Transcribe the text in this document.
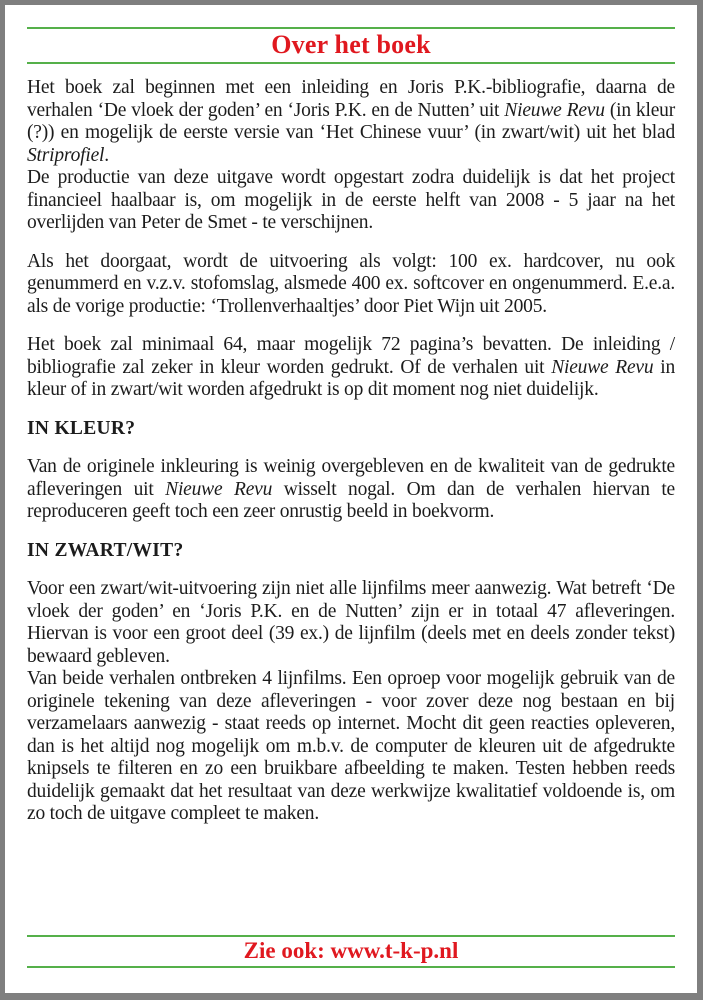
Over het boek

Het boek zal beginnen met een inleiding en Joris P.K.-bibliografie, daarna de verhalen ‘De vloek der goden’ en ‘Joris P.K. en de Nutten’ uit Nieuwe Revu (in kleur (?)) en mogelijk de eerste versie van ‘Het Chinese vuur’ (in zwart/wit) uit het blad Striprofiel.

De productie van deze uitgave wordt opgestart zodra duidelijk is dat het project financieel haalbaar is, om mogelijk in de eerste helft van 2008 - 5 jaar na het overlijden van Peter de Smet - te verschijnen.

Als het doorgaat, wordt de uitvoering als volgt: 100 ex. hardcover, nu ook genummerd en v.z.v. stofomslag, alsmede 400 ex. softcover en ongenummerd. E.e.a. als de vorige productie: ‘Trollenverhaaltjes’ door Piet Wijn uit 2005.

Het boek zal minimaal 64, maar mogelijk 72 pagina’s bevatten. De inleiding / bibliografie zal zeker in kleur worden gedrukt. Of de verhalen uit Nieuwe Revu in kleur of in zwart/wit worden afgedrukt is op dit moment nog niet duidelijk.

IN KLEUR?

Van de originele inkleuring is weinig overgebleven en de kwaliteit van de gedrukte afleveringen uit Nieuwe Revu wisselt nogal. Om dan de verhalen hiervan te reproduceren geeft toch een zeer onrustig beeld in boekvorm.

IN ZWART/WIT?

Voor een zwart/wit-uitvoering zijn niet alle lijnfilms meer aanwezig. Wat betreft ‘De vloek der goden’ en ‘Joris P.K. en de Nutten’ zijn er in totaal 47 afleveringen. Hiervan is voor een groot deel (39 ex.) de lijnfilm (deels met en deels zonder tekst) bewaard gebleven.

Van beide verhalen ontbreken 4 lijnfilms. Een oproep voor mogelijk gebruik van de originele tekening van deze afleveringen - voor zover deze nog bestaan en bij verzamelaars aanwezig - staat reeds op internet. Mocht dit geen reacties opleveren, dan is het altijd nog mogelijk om m.b.v. de computer de kleuren uit de afgedrukte knipsels te filteren en zo een bruikbare afbeelding te maken. Testen hebben reeds duidelijk gemaakt dat het resultaat van deze werkwijze kwalitatief voldoende is, om zo toch de uitgave compleet te maken.

Zie ook: www.t-k-p.nl
